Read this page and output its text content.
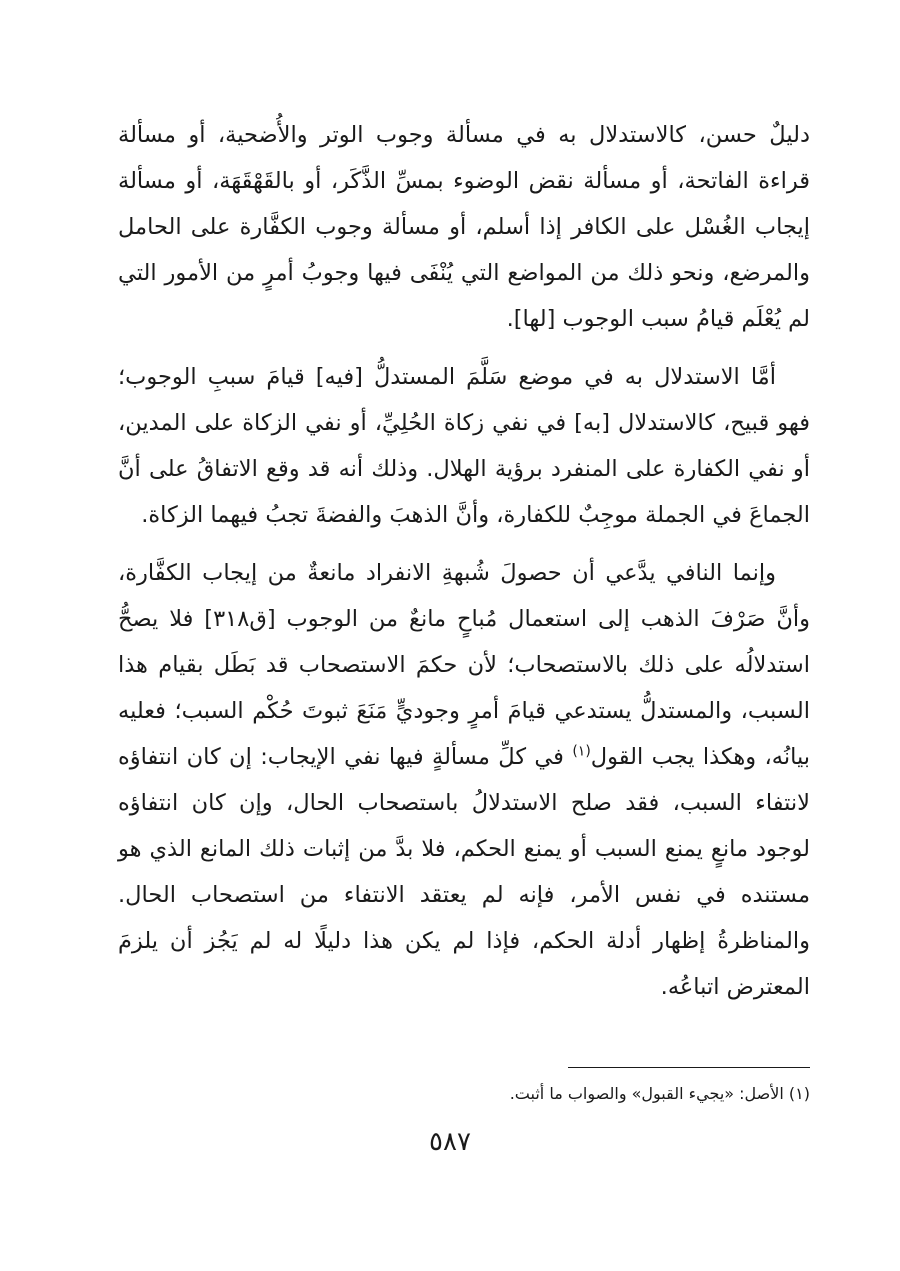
دليلٌ حسن، كالاستدلال به في مسألة وجوب الوتر والأُضحية، أو مسألة قراءة الفاتحة، أو مسألة نقض الوضوء بمسِّ الذَّكَر، أو بالقَهْقَهَة، أو مسألة إيجاب الغُسْل على الكافر إذا أسلم، أو مسألة وجوب الكفَّارة على الحامل والمرضع، ونحو ذلك من المواضع التي يُنْفَى فيها وجوبُ أمرٍ من الأمور التي لم يُعْلَم قيامُ سبب الوجوب [لها].

أمَّا الاستدلال به في موضع سَلَّمَ المستدلُّ [فيه] قيامَ سببِ الوجوب؛ فهو قبيح، كالاستدلال [به] في نفي زكاة الحُلِيِّ، أو نفي الزكاة على المدين، أو نفي الكفارة على المنفرد برؤية الهلال. وذلك أنه قد وقع الاتفاقُ على أنَّ الجماعَ في الجملة موجِبٌ للكفارة، وأنَّ الذهبَ والفضةَ تجبُ فيهما الزكاة.

وإنما النافي يدَّعي أن حصولَ شُبهةِ الانفراد مانعةٌ من إيجاب الكفَّارة، وأنَّ صَرْفَ الذهب إلى استعمال مُباحٍ مانعٌ من الوجوب [ق٣١٨] فلا يصحُّ استدلالُه على ذلك بالاستصحاب؛ لأن حكمَ الاستصحاب قد بَطَل بقيام هذا السبب، والمستدلُّ يستدعي قيامَ أمرٍ وجوديٍّ مَنَعَ ثبوتَ حُكْم السبب؛ فعليه بيانُه، وهكذا يجب القول$^{(١)}$ في كلِّ مسألةٍ فيها نفي الإيجاب: إن كان انتفاؤه لانتفاء السبب، فقد صلح الاستدلالُ باستصحاب الحال، وإن كان انتفاؤه لوجود مانعٍ يمنع السبب أو يمنع الحكم، فلا بدَّ من إثبات ذلك المانع الذي هو مستنده في نفس الأمر، فإنه لم يعتقد الانتفاء من استصحاب الحال. والمناظرةُ إظهار أدلة الحكم، فإذا لم يكن هذا دليلًا له لم يَجُز أن يلزمَ المعترض اتباعُه.

(١) الأصل: «يجيء القبول» والصواب ما أثبت.
٥٨٧
